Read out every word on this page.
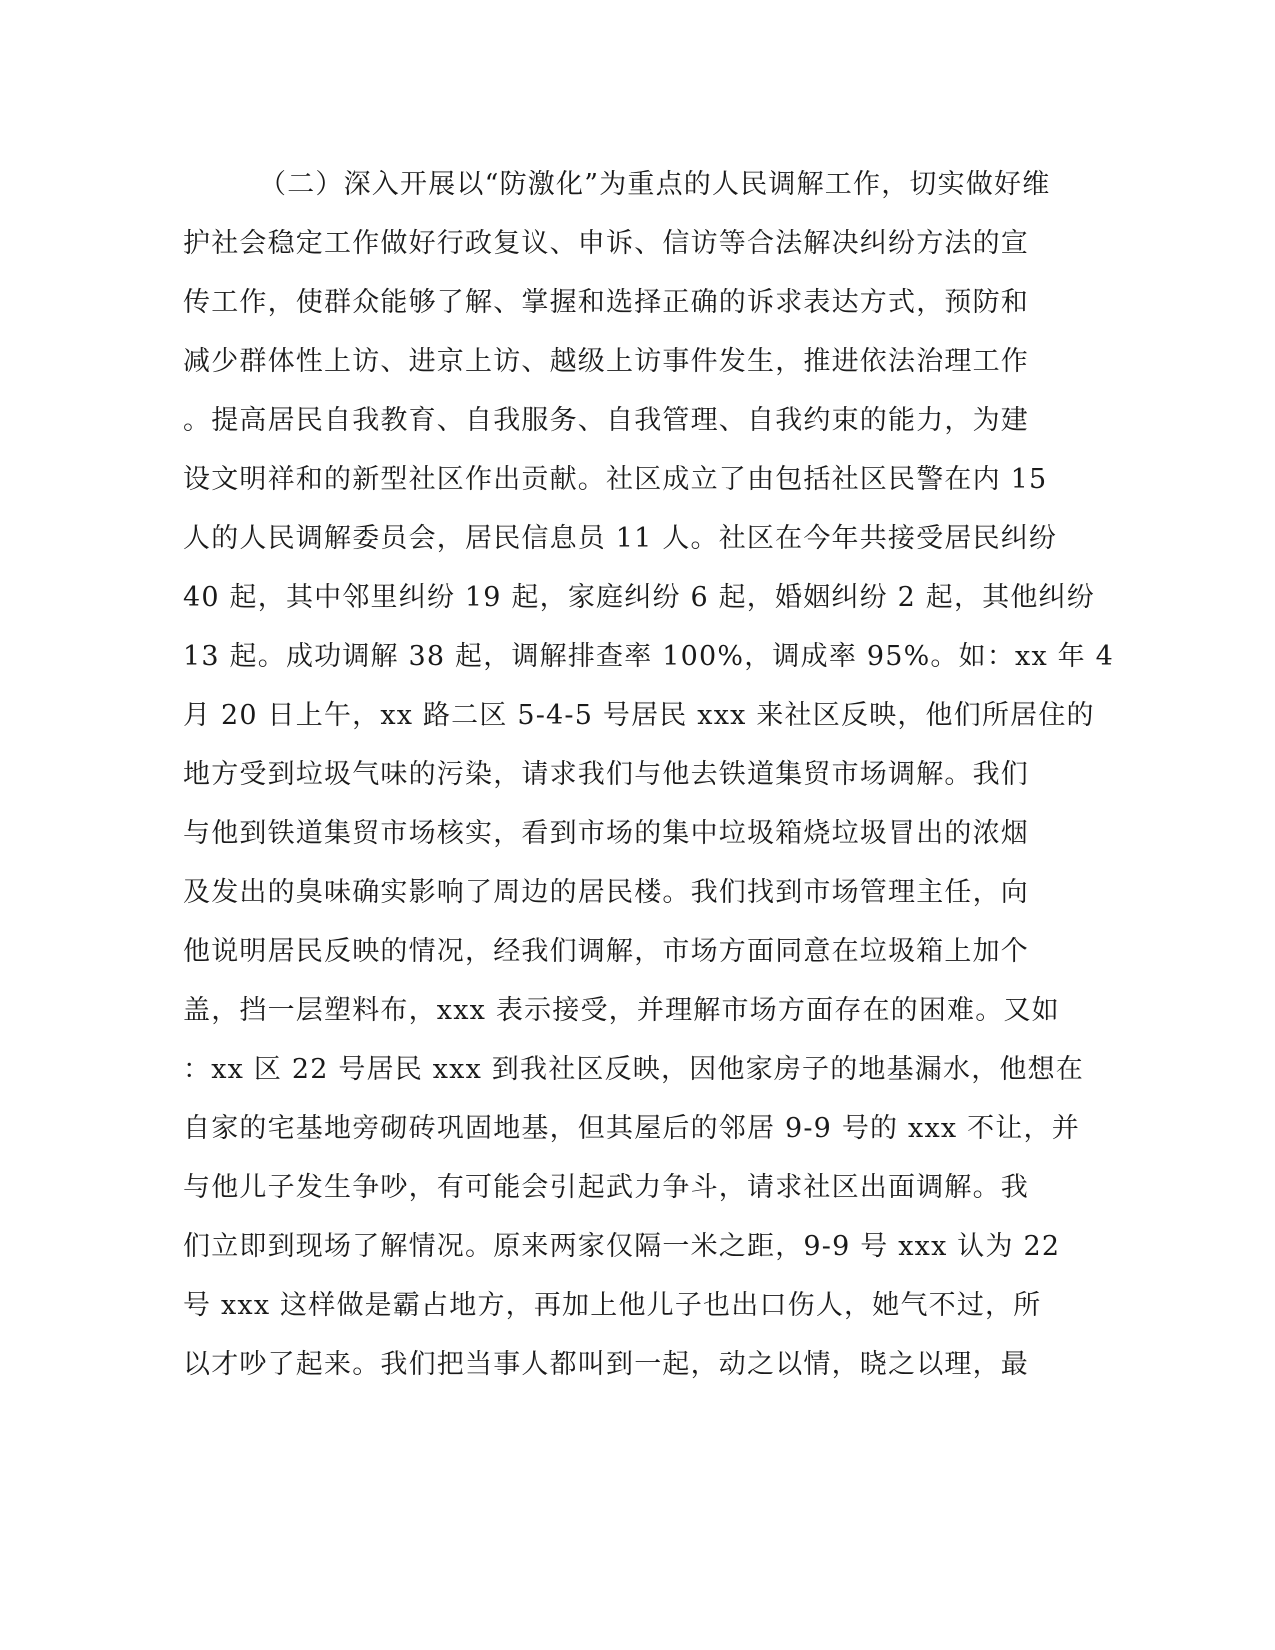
（二）深入开展以“防激化”为重点的人民调解工作，切实做好维
护社会稳定工作做好行政复议、申诉、信访等合法解决纠纷方法的宣
传工作，使群众能够了解、掌握和选择正确的诉求表达方式，预防和
减少群体性上访、进京上访、越级上访事件发生，推进依法治理工作
。提高居民自我教育、自我服务、自我管理、自我约束的能力，为建
设文明祥和的新型社区作出贡献。社区成立了由包括社区民警在内 15
人的人民调解委员会，居民信息员 11 人。社区在今年共接受居民纠纷
40 起，其中邻里纠纷 19 起，家庭纠纷 6 起，婚姻纠纷 2 起，其他纠纷
13 起。成功调解 38 起，调解排查率 100%，调成率 95%。如：xx 年 4
月 20 日上午，xx 路二区 5-4-5 号居民 xxx 来社区反映，他们所居住的
地方受到垃圾气味的污染，请求我们与他去铁道集贸市场调解。我们
与他到铁道集贸市场核实，看到市场的集中垃圾箱烧垃圾冒出的浓烟
及发出的臭味确实影响了周边的居民楼。我们找到市场管理主任，向
他说明居民反映的情况，经我们调解，市场方面同意在垃圾箱上加个
盖，挡一层塑料布，xxx 表示接受，并理解市场方面存在的困难。又如
：xx 区 22 号居民 xxx 到我社区反映，因他家房子的地基漏水，他想在
自家的宅基地旁砌砖巩固地基，但其屋后的邻居 9-9 号的 xxx 不让，并
与他儿子发生争吵，有可能会引起武力争斗，请求社区出面调解。我
们立即到现场了解情况。原来两家仅隔一米之距，9-9 号 xxx 认为 22
号 xxx 这样做是霸占地方，再加上他儿子也出口伤人，她气不过，所
以才吵了起来。我们把当事人都叫到一起，动之以情，晓之以理，最
